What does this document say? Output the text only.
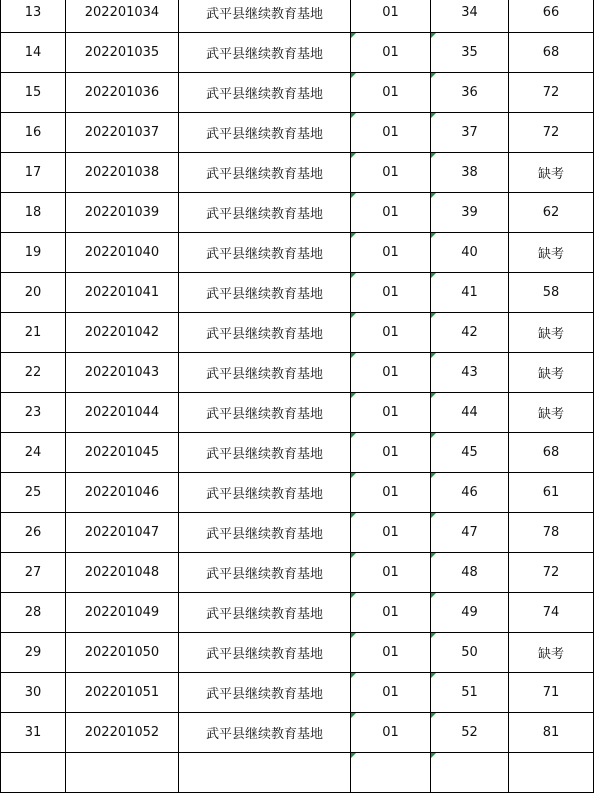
13	202201034	武平县继续教育基地	01	34	66
14	202201035	武平县继续教育基地	01	35	68
15	202201036	武平县继续教育基地	01	36	72
16	202201037	武平县继续教育基地	01	37	72
17	202201038	武平县继续教育基地	01	38	缺考
18	202201039	武平县继续教育基地	01	39	62
19	202201040	武平县继续教育基地	01	40	缺考
20	202201041	武平县继续教育基地	01	41	58
21	202201042	武平县继续教育基地	01	42	缺考
22	202201043	武平县继续教育基地	01	43	缺考
23	202201044	武平县继续教育基地	01	44	缺考
24	202201045	武平县继续教育基地	01	45	68
25	202201046	武平县继续教育基地	01	46	61
26	202201047	武平县继续教育基地	01	47	78
27	202201048	武平县继续教育基地	01	48	72
28	202201049	武平县继续教育基地	01	49	74
29	202201050	武平县继续教育基地	01	50	缺考
30	202201051	武平县继续教育基地	01	51	71
31	202201052	武平县继续教育基地	01	52	81
